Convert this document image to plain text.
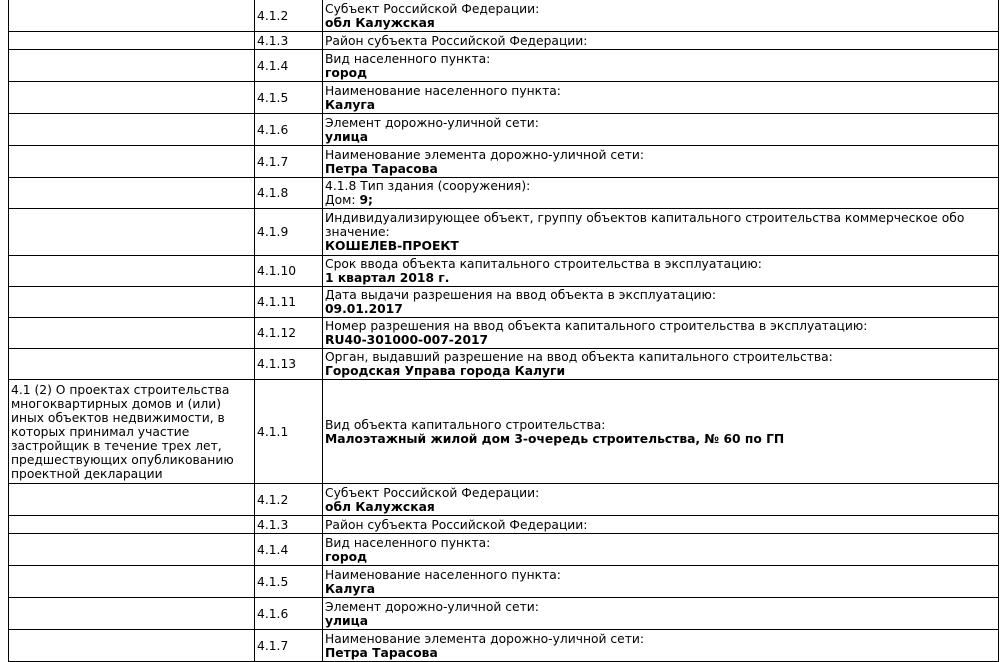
	4.1.2	Субъект Российской Федерации:
обл Калужская

	4.1.3	Район субъекта Российской Федерации:

	4.1.4	Вид населенного пункта:
город

	4.1.5	Наименование населенного пункта:
Калуга

	4.1.6	Элемент дорожно-уличной сети:
улица

	4.1.7	Наименование элемента дорожно-уличной сети:
Петра Тарасова

	4.1.8	4.1.8 Тип здания (сооружения):
Дом: 9;

	4.1.9	Индивидуализирующее объект, группу объектов капитального строительства коммерческое обо
значение:
КОШЕЛЕВ-ПРОЕКТ

	4.1.10	Срок ввода объекта капитального строительства в эксплуатацию:
1 квартал 2018 г.

	4.1.11	Дата выдачи разрешения на ввод объекта в эксплуатацию:
09.01.2017

	4.1.12	Номер разрешения на ввод объекта капитального строительства в эксплуатацию:
RU40-301000-007-2017

	4.1.13	Орган, выдавший разрешение на ввод объекта капитального строительства:
Городская Управа города Калуги

4.1 (2) О проектах строительства многоквартирных домов и (или) иных объектов недвижимости, в которых принимал участие застройщик в течение трех лет, предшествующих опубликованию проектной декларации	4.1.1	Вид объекта капитального строительства:
Малоэтажный жилой дом 3-очередь строительства, № 60 по ГП

	4.1.2	Субъект Российской Федерации:
обл Калужская

	4.1.3	Район субъекта Российской Федерации:

	4.1.4	Вид населенного пункта:
город

	4.1.5	Наименование населенного пункта:
Калуга

	4.1.6	Элемент дорожно-уличной сети:
улица

	4.1.7	Наименование элемента дорожно-уличной сети:
Петра Тарасова
